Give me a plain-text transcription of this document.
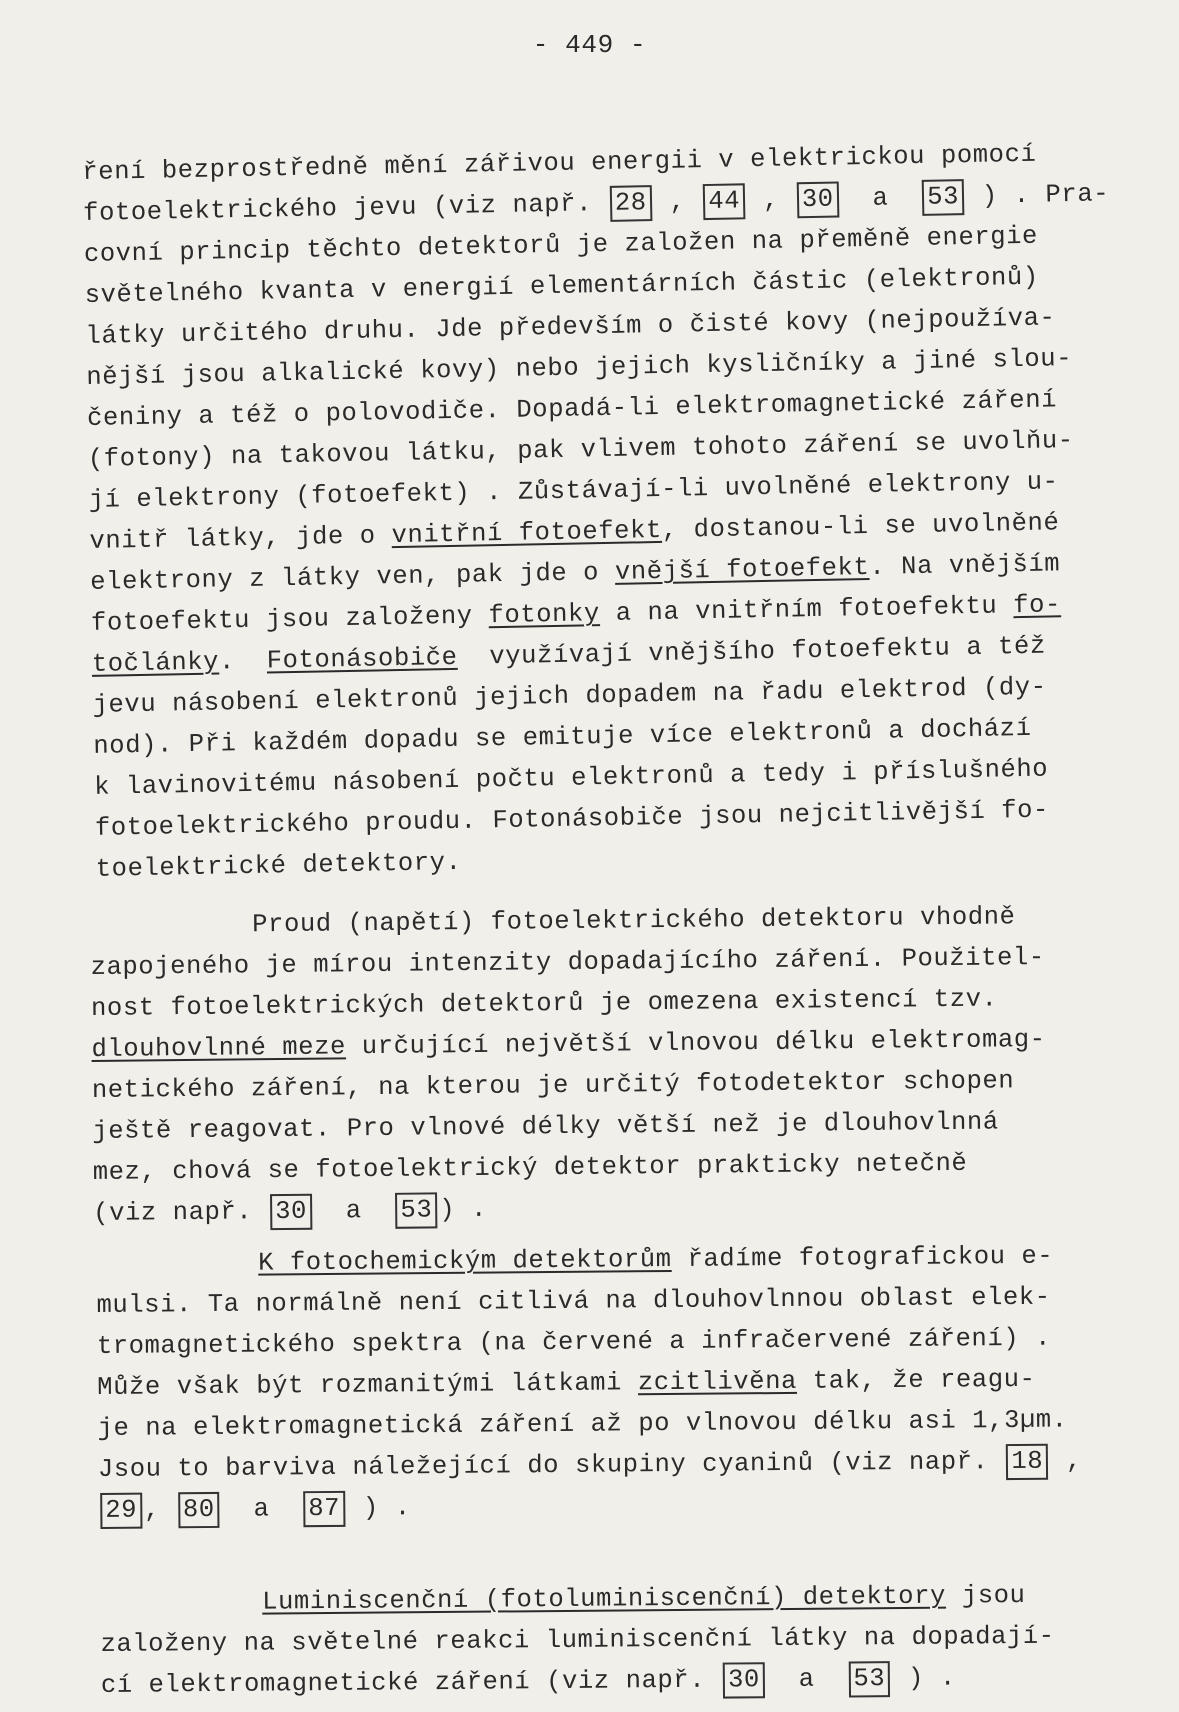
- 449 -
ření bezprostředně mění zářivou energii v elektrickou pomocí
fotoelektrického jevu (viz např. 28 , 44 , 30  a  53 ) . Pra-
covní princip těchto detektorů je založen na přeměně energie
světelného kvanta v energií elementárních částic (elektronů)
látky určitého druhu. Jde především o čisté kovy (nejpoužíva-
nější jsou alkalické kovy) nebo jejich kysličníky a jiné slou-
čeniny a též o polovodiče. Dopadá-li elektromagnetické záření
(fotony) na takovou látku, pak vlivem tohoto záření se uvolňu-
jí elektrony (fotoefekt) . Zůstávají-li uvolněné elektrony u-
vnitř látky, jde o vnitřní fotoefekt, dostanou-li se uvolněné
elektrony z látky ven, pak jde o vnější fotoefekt. Na vnějším
fotoefektu jsou založeny fotonky a na vnitřním fotoefektu fo-
točlánky.  Fotonásobiče  využívají vnějšího fotoefektu a též
jevu násobení elektronů jejich dopadem na řadu elektrod (dy-
nod). Při každém dopadu se emituje více elektronů a dochází
k lavinovitému násobení počtu elektronů a tedy i příslušného
fotoelektrického proudu. Fotonásobiče jsou nejcitlivější fo-
toelektrické detektory.
Proud (napětí) fotoelektrického detektoru vhodně
zapojeného je mírou intenzity dopadajícího záření. Použitel-
nost fotoelektrických detektorů je omezena existencí tzv.
dlouhovlnné meze určující největší vlnovou délku elektromag-
netického záření, na kterou je určitý fotodetektor schopen
ještě reagovat. Pro vlnové délky větší než je dlouhovlnná
mez, chová se fotoelektrický detektor prakticky netečně
(viz např. 30  a  53 ) .
K fotochemickým detektorům řadíme fotografickou e-
mulsi. Ta normálně není citlivá na dlouhovlnnou oblast elek-
tromagnetického spektra (na červené a infračervené záření) .
Může však být rozmanitými látkami zcitlivěna tak, že reagu-
je na elektromagnetická záření až po vlnovou délku asi 1,3µm.
Jsou to barviva náležející do skupiny cyaninů (viz např. 18 ,
29 , 80  a  87 ) .
Luminiscenční (fotoluminiscenční) detektory jsou
založeny na světelné reakci luminiscenční látky na dopadají-
cí elektromagnetické záření (viz např. 30  a  53 ) .
